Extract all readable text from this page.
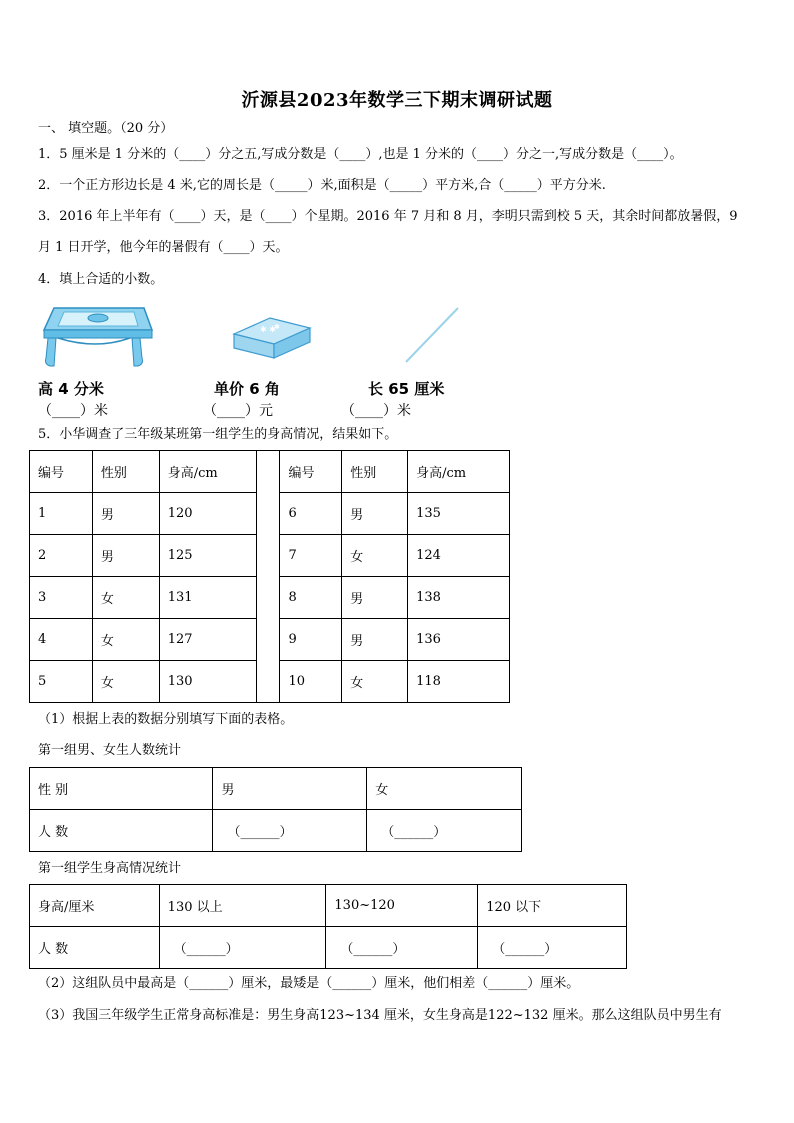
沂源县2023年数学三下期末调研试题
一、 填空题。（20 分）
1．5 厘米是 1 分米的（____）分之五,写成分数是（____）,也是 1 分米的（____）分之一,写成分数是（____）。
2．一个正方形边长是 4 米,它的周长是（_____）米,面积是（_____）平方米,合（_____）平方分米.
3．2016 年上半年有（____）天，是（____）个星期。2016 年 7 月和 8 月，李明只需到校 5 天，其余时间都放暑假，9
月 1 日开学，他今年的暑假有（____）天。
4．填上合适的小数。
✱ ✱
✱
高 4 分米
（____）米
单价 6 角
（____）元
长 65 厘米
（____）米
5．小华调查了三年级某班第一组学生的身高情况，结果如下。
编号	性别	身高/cm		编号	性别	身高/cm
1	男	120		6	男	135
2	男	125		7	女	124
3	女	131		8	男	138
4	女	127		9	男	136
5	女	130		10	女	118
（1）根据上表的数据分别填写下面的表格。
第一组男、女生人数统计
性 别	男	女
人 数	（______）	（______）
第一组学生身高情况统计
身高/厘米	130 以上	130~120	120 以下
人 数	（______）	（______）	（______）
（2）这组队员中最高是（______）厘米，最矮是（______）厘米，他们相差（______）厘米。
（3）我国三年级学生正常身高标准是：男生身高123~134 厘米，女生身高是122~132 厘米。那么这组队员中男生有
